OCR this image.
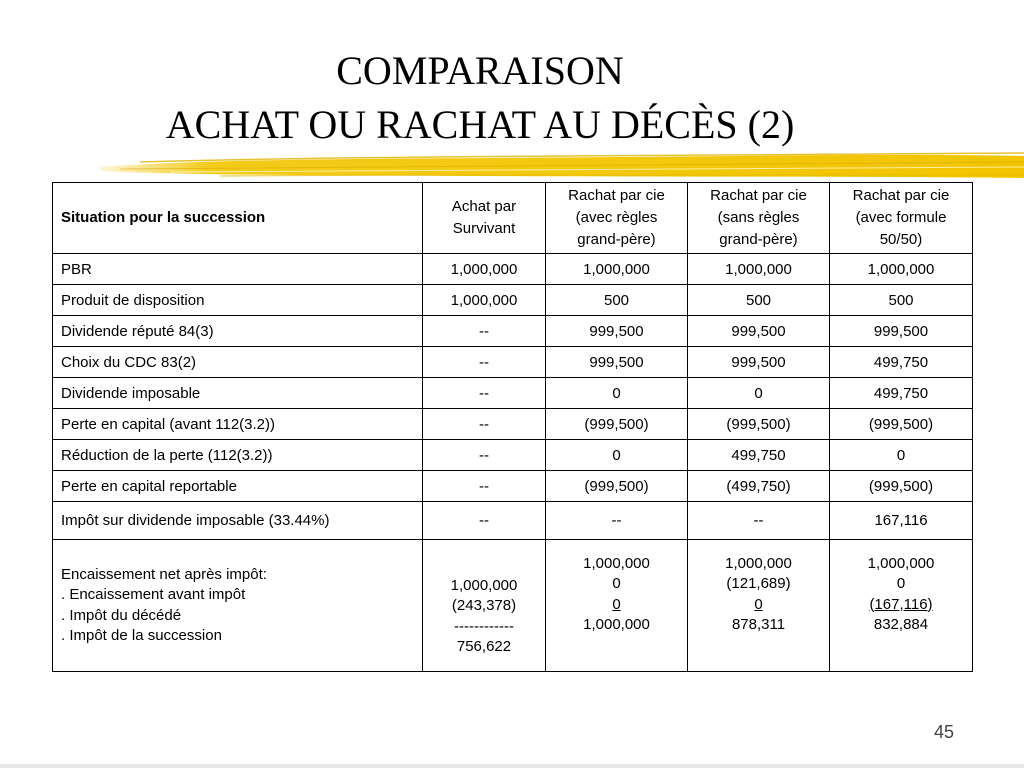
COMPARAISON
ACHAT OU RACHAT AU DÉCÈS (2)
Situation pour la succession	Achat par
Survivant	Rachat par cie
(avec règles
grand-père)	Rachat par cie
(sans règles
grand-père)	Rachat par cie
(avec formule
50/50)

PBR	1,000,000	1,000,000	1,000,000	1,000,000
Produit de disposition	1,000,000	500	500	500
Dividende réputé 84(3)	--	999,500	999,500	999,500
Choix du CDC 83(2)	--	999,500	999,500	499,750
Dividende imposable	--	0	0	499,750
Perte en capital (avant 112(3.2))	--	(999,500)	(999,500)	(999,500)
Réduction de la perte (112(3.2))	--	0	499,750	0
Perte en capital reportable	--	(999,500)	(499,750)	(999,500)
Impôt sur dividende imposable (33.44%)	--	--	--	167,116

Encaissement net après impôt:
. Encaissement avant impôt
. Impôt du décédé
. Impôt de la succession	1,000,000
(243,378)
------------
756,622	1,000,000
0
0
1,000,000	1,000,000
(121,689)
0
878,311	1,000,000
0
(167,116)
832,884
45
